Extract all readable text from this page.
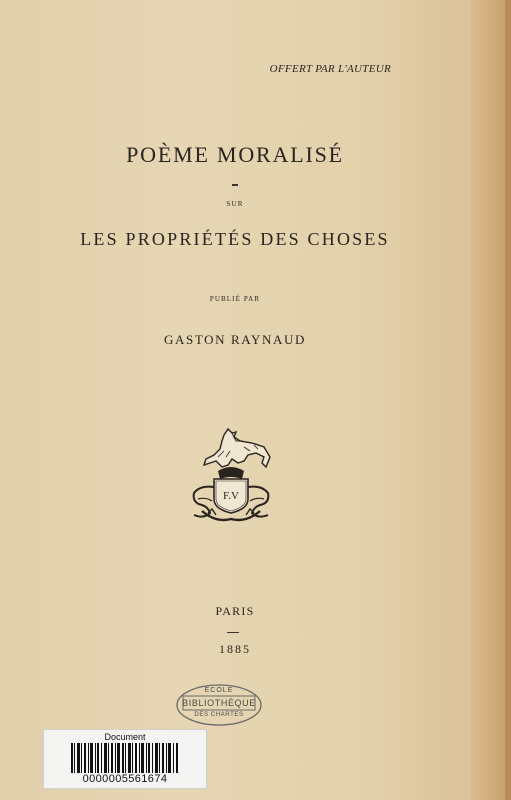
OFFERT PAR L'AUTEUR
POÈME MORALISÉ
SUR
LES PROPRIÉTÉS DES CHOSES
PUBLIÉ PAR
GASTON RAYNAUD
F.V
PARIS
1885
ÉCOLE
BIBLIOTHÈQUE
DES CHARTES
Document
0000005561674
